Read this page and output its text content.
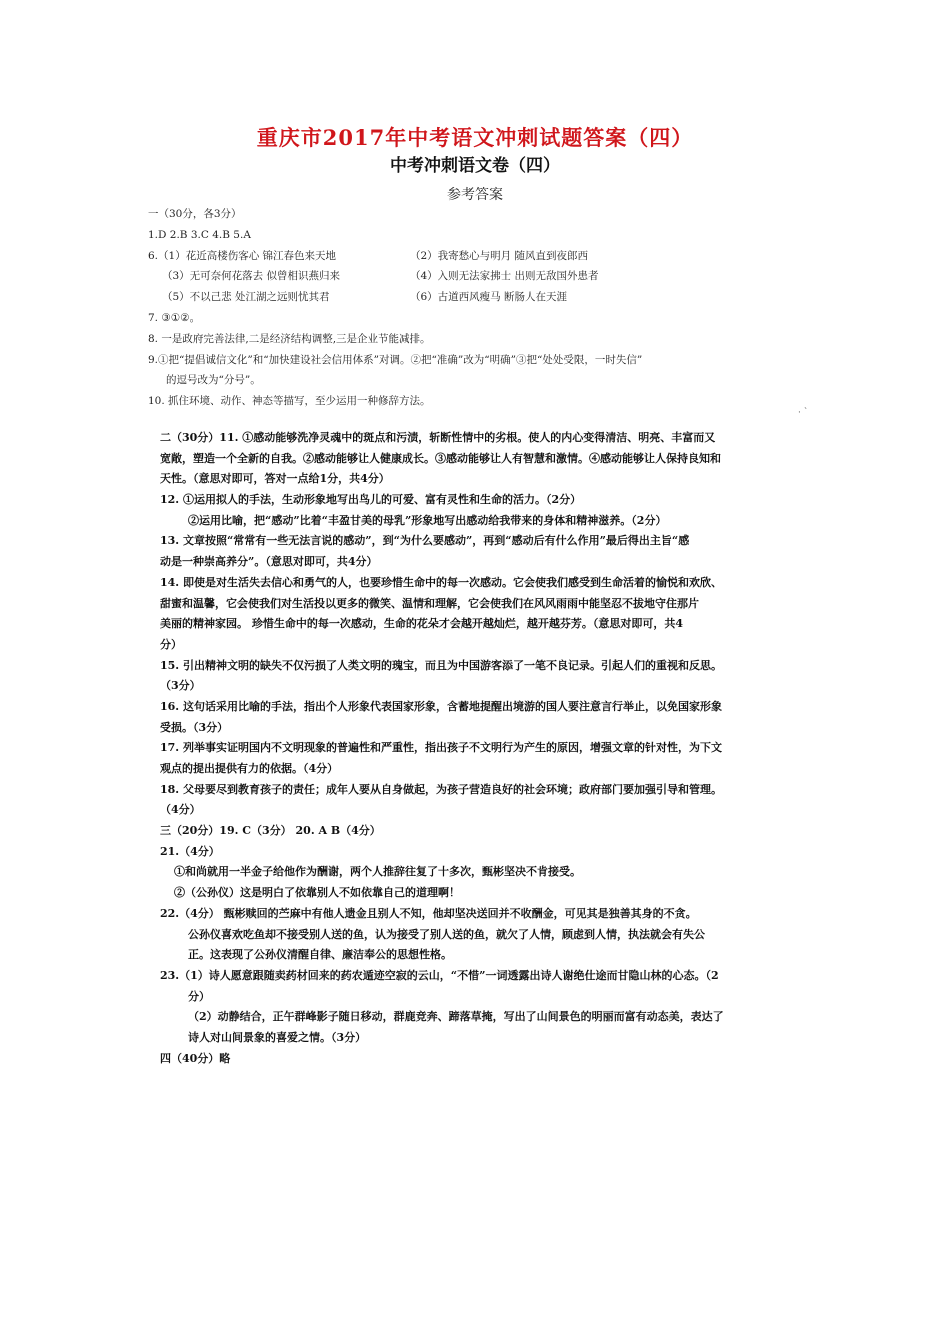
重庆市2017年中考语文冲刺试题答案（四）
中考冲刺语文卷（四）
参考答案
一（30分，各3分）
1.D 2.B 3.C 4.B 5.A
6.（1）花近高楼伤客心 锦江春色来天地	（2）我寄愁心与明月 随风直到夜郎西
（3）无可奈何花落去 似曾相识燕归来	（4）入则无法家拂士 出则无敌国外患者
（5）不以己悲 处江湖之远则忧其君	（6）古道西风瘦马 断肠人在天涯
7. ③①②。
8. 一是政府完善法律,二是经济结构调整,三是企业节能减排。
9.①把“提倡诚信文化”和“加快建设社会信用体系”对调。②把“准确”改为“明确”③把“处处受限，一时失信”
的逗号改为“分号”。
10. 抓住环境、动作、神态等描写，至少运用一种修辞方法。
· ˋ
二（30分）11. ①感动能够洗净灵魂中的斑点和污渍，斩断性情中的劣根。使人的内心变得清洁、明亮、丰富而又
宽敞，塑造一个全新的自我。②感动能够让人健康成长。③感动能够让人有智慧和激情。④感动能够让人保持良知和
天性。（意思对即可，答对一点给1分，共4分）
12. ①运用拟人的手法，生动形象地写出鸟儿的可爱、富有灵性和生命的活力。（2分）
②运用比喻，把“感动”比着“丰盈甘美的母乳”形象地写出感动给我带来的身体和精神滋养。（2分）
13. 文章按照“常常有一些无法言说的感动”，到“为什么要感动”，再到“感动后有什么作用”最后得出主旨“感
动是一种崇高养分”。（意思对即可，共4分）
14. 即使是对生活失去信心和勇气的人，也要珍惜生命中的每一次感动。它会使我们感受到生命活着的愉悦和欢欣、
甜蜜和温馨，它会使我们对生活投以更多的微笑、温情和理解，它会使我们在风风雨雨中能坚忍不拔地守住那片
美丽的精神家园。 珍惜生命中的每一次感动，生命的花朵才会越开越灿烂，越开越芬芳。（意思对即可，共4
分）
15. 引出精神文明的缺失不仅污损了人类文明的瑰宝，而且为中国游客添了一笔不良记录。引起人们的重视和反思。
（3分）
16. 这句话采用比喻的手法，指出个人形象代表国家形象，含蓄地提醒出境游的国人要注意言行举止，以免国家形象
受损。（3分）
17. 列举事实证明国内不文明现象的普遍性和严重性，指出孩子不文明行为产生的原因，增强文章的针对性，为下文
观点的提出提供有力的依据。（4分）
18. 父母要尽到教育孩子的责任；成年人要从自身做起，为孩子营造良好的社会环境；政府部门要加强引导和管理。
（4分）
三（20分）19. C（3分） 20. A B（4分）
21.（4分）
①和尚就用一半金子给他作为酬谢，两个人推辞往复了十多次，甄彬坚决不肯接受。
②（公孙仪）这是明白了依靠别人不如依靠自己的道理啊！
22.（4分） 甄彬赎回的苎麻中有他人遗金且别人不知，他却坚决送回并不收酬金，可见其是独善其身的不贪。
公孙仪喜欢吃鱼却不接受别人送的鱼，认为接受了别人送的鱼，就欠了人情，顾虑到人情，执法就会有失公
正。这表现了公孙仪清醒自律、廉洁奉公的思想性格。
23.（1）诗人愿意跟随卖药材回来的药农遁迹空寂的云山，“不惜”一词透露出诗人谢绝仕途而甘隐山林的心态。（2
分）
（2）动静结合，正午群峰影子随日移动，群鹿竞奔、蹄落草掩，写出了山间景色的明丽而富有动态美，表达了
诗人对山间景象的喜爱之情。（3分）
四（40分）略
